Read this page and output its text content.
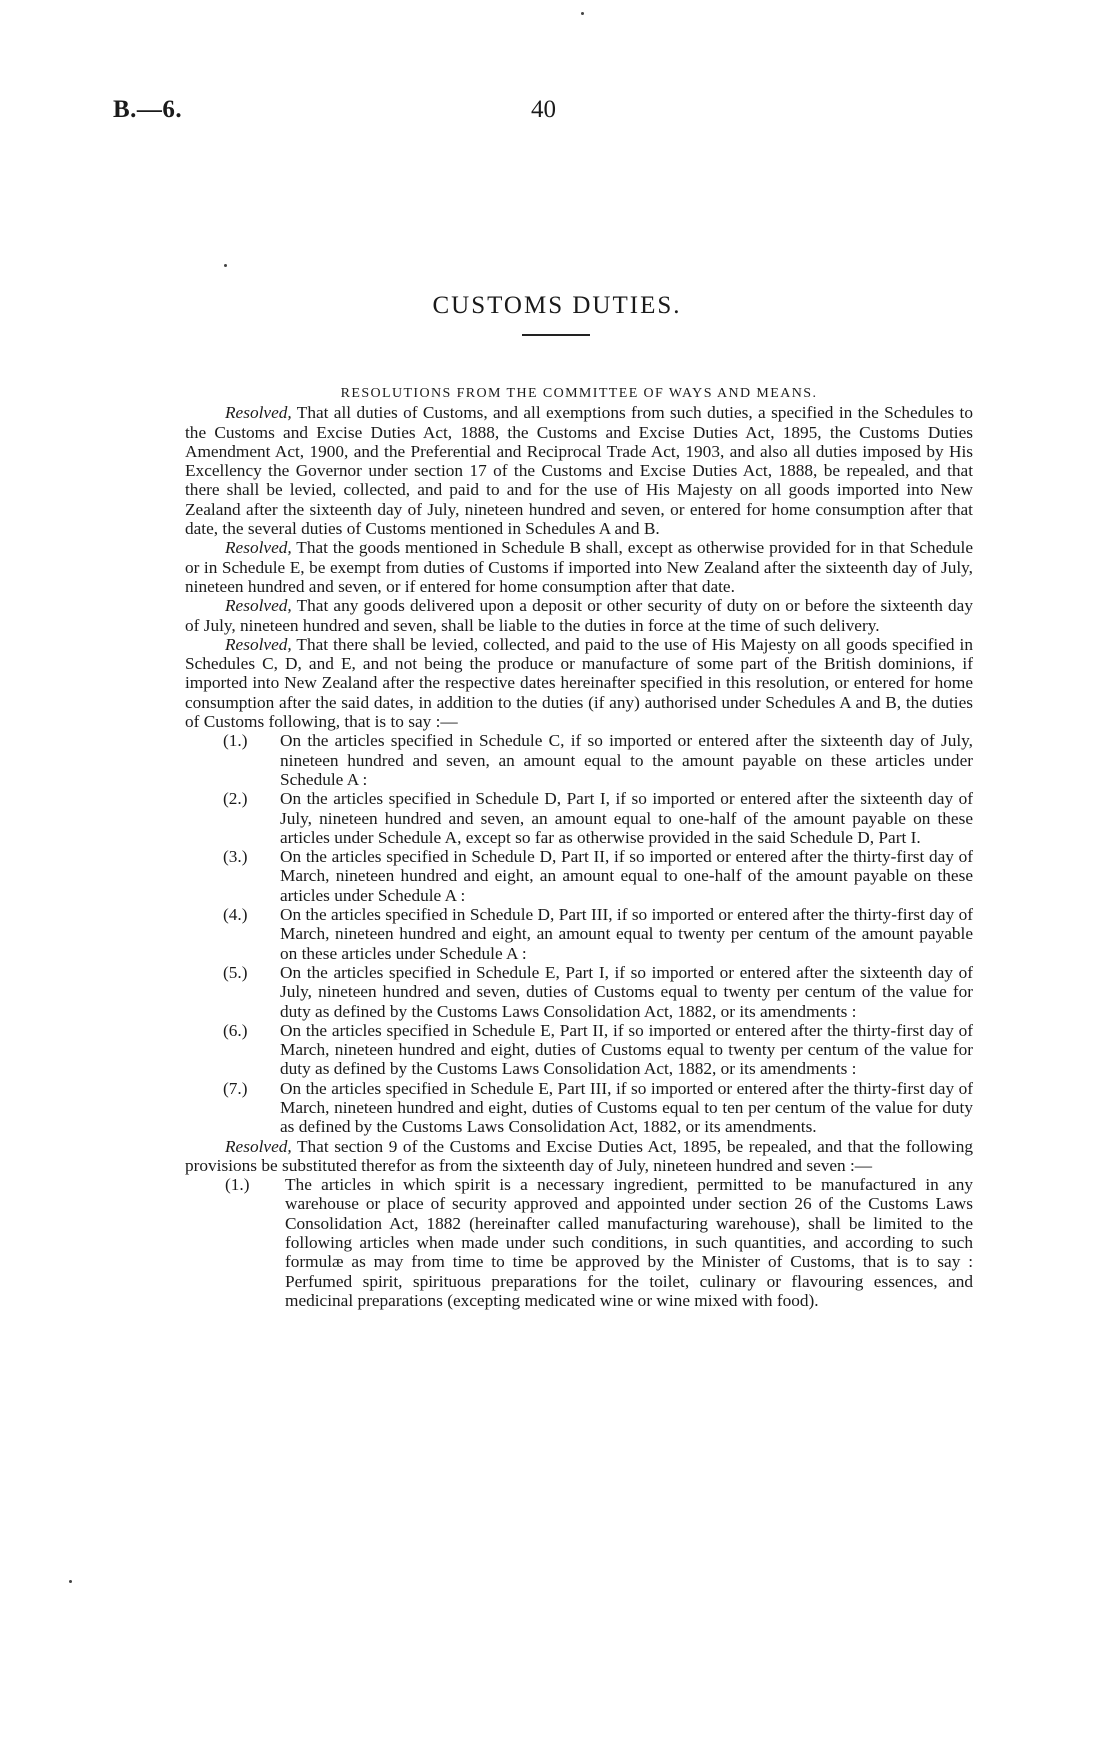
B.—6.	40
CUSTOMS DUTIES.
RESOLUTIONS FROM THE COMMITTEE OF WAYS AND MEANS.

Resolved, That all duties of Customs, and all exemptions from such duties, a specified in the Schedules to the Customs and Excise Duties Act, 1888, the Customs and Excise Duties Act, 1895, the Customs Duties Amendment Act, 1900, and the Preferential and Reciprocal Trade Act, 1903, and also all duties imposed by His Excellency the Governor under section 17 of the Customs and Excise Duties Act, 1888, be repealed, and that there shall be levied, collected, and paid to and for the use of His Majesty on all goods imported into New Zealand after the sixteenth day of July, nineteen hundred and seven, or entered for home consumption after that date, the several duties of Customs mentioned in Schedules A and B.

Resolved, That the goods mentioned in Schedule B shall, except as otherwise provided for in that Schedule or in Schedule E, be exempt from duties of Customs if imported into New Zealand after the sixteenth day of July, nineteen hundred and seven, or if entered for home consumption after that date.

Resolved, That any goods delivered upon a deposit or other security of duty on or before the sixteenth day of July, nineteen hundred and seven, shall be liable to the duties in force at the time of such delivery.

Resolved, That there shall be levied, collected, and paid to the use of His Majesty on all goods specified in Schedules C, D, and E, and not being the produce or manufacture of some part of the British dominions, if imported into New Zealand after the respective dates hereinafter specified in this resolution, or entered for home consumption after the said dates, in addition to the duties (if any) authorised under Schedules A and B, the duties of Customs following, that is to say :—

(1.) On the articles specified in Schedule C, if so imported or entered after the sixteenth day of July, nineteen hundred and seven, an amount equal to the amount payable on these articles under Schedule A :

(2.) On the articles specified in Schedule D, Part I, if so imported or entered after the sixteenth day of July, nineteen hundred and seven, an amount equal to one-half of the amount payable on these articles under Schedule A, except so far as otherwise provided in the said Schedule D, Part I.

(3.) On the articles specified in Schedule D, Part II, if so imported or entered after the thirty-first day of March, nineteen hundred and eight, an amount equal to one-half of the amount payable on these articles under Schedule A :

(4.) On the articles specified in Schedule D, Part III, if so imported or entered after the thirty-first day of March, nineteen hundred and eight, an amount equal to twenty per centum of the amount payable on these articles under Schedule A :

(5.) On the articles specified in Schedule E, Part I, if so imported or entered after the sixteenth day of July, nineteen hundred and seven, duties of Customs equal to twenty per centum of the value for duty as defined by the Customs Laws Consolidation Act, 1882, or its amendments :

(6.) On the articles specified in Schedule E, Part II, if so imported or entered after the thirty-first day of March, nineteen hundred and eight, duties of Customs equal to twenty per centum of the value for duty as defined by the Customs Laws Consolidation Act, 1882, or its amendments :

(7.) On the articles specified in Schedule E, Part III, if so imported or entered after the thirty-first day of March, nineteen hundred and eight, duties of Customs equal to ten per centum of the value for duty as defined by the Customs Laws Consolidation Act, 1882, or its amendments.

Resolved, That section 9 of the Customs and Excise Duties Act, 1895, be repealed, and that the following provisions be substituted therefor as from the sixteenth day of July, nineteen hundred and seven :—

(1.) The articles in which spirit is a necessary ingredient, permitted to be manufactured in any warehouse or place of security approved and appointed under section 26 of the Customs Laws Consolidation Act, 1882 (hereinafter called manufacturing warehouse), shall be limited to the following articles when made under such conditions, in such quantities, and according to such formulæ as may from time to time be approved by the Minister of Customs, that is to say : Perfumed spirit, spirituous preparations for the toilet, culinary or flavouring essences, and medicinal preparations (excepting medicated wine or wine mixed with food).
